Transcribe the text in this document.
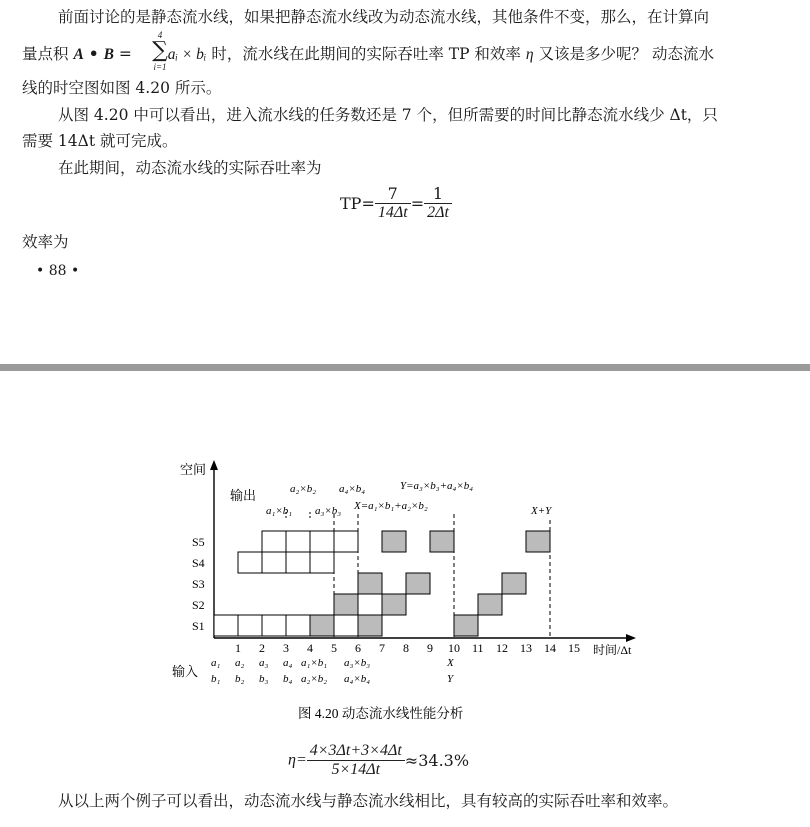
前面讨论的是静态流水线，如果把静态流水线改为动态流水线，其他条件不变，那么，在计算向
量点积 A • B = aᵢ × bᵢ 时，流水线在此期间的实际吞吐率 TP 和效率 η 又该是多少呢？ 动态流水
4
∑
i=1
线的时空图如图 4.20 所示。
从图 4.20 中可以看出，进入流水线的任务数还是 7 个，但所需要的时间比静态流水线少 Δt，只
需要 14Δt 就可完成。
在此期间，动态流水线的实际吞吐率为
$TP= \frac{7}{14\Delta t} = \frac{1}{2\Delta t}$
效率为
• 88 •
空间
时间/Δt
输出
输入
S5
S4
S3
S2
S1
1 2 3 4 5 6 7 8 9 10 11 12 13 14 15
a₂×b₂ a₄×b₄	Y=a₃×b₃+a₄×b₄
a₁×b₁ a₃×b₃ X=a₁×b₁+a₂×b₂	X+Y
a₁ a₂ a₃ a₄ a₁×b₁ a₃×b₃
b₁ b₂ b₃ b₄ a₂×b₂ a₄×b₄
X
Y
图 4.20 动态流水线性能分析
$\eta= \frac{4\times 3\Delta t+3\times 4\Delta t}{5\times 14\Delta t} \approx 34.3\%$
从以上两个例子可以看出，动态流水线与静态流水线相比，具有较高的实际吞吐率和效率。
